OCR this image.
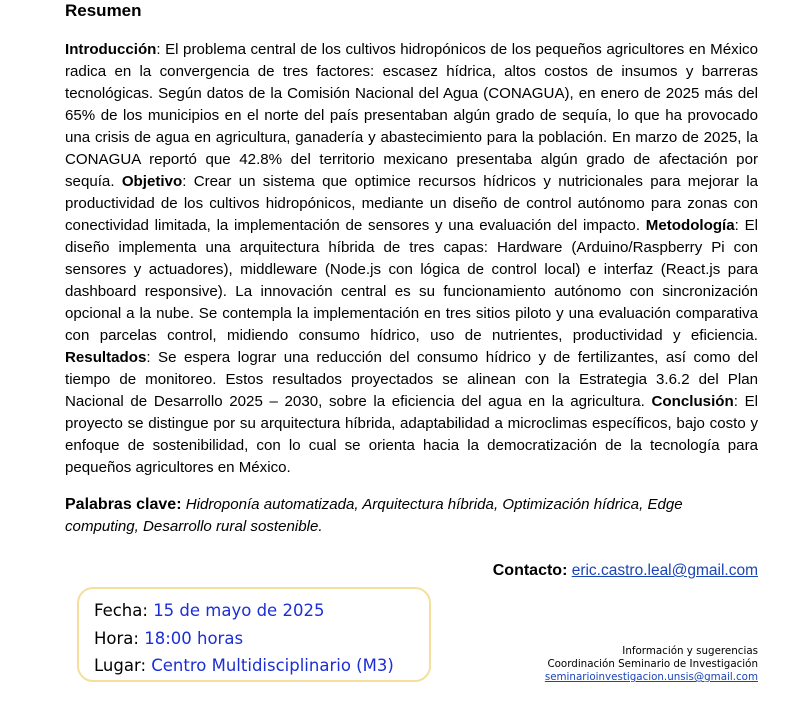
Resumen

Introducción: El problema central de los cultivos hidropónicos de los pequeños agricultores en México radica en la convergencia de tres factores: escasez hídrica, altos costos de insumos y barreras tecnológicas. Según datos de la Comisión Nacional del Agua (CONAGUA), en enero de 2025 más del 65% de los municipios en el norte del país presentaban algún grado de sequía, lo que ha provocado una crisis de agua en agricultura, ganadería y abastecimiento para la población. En marzo de 2025, la CONAGUA reportó que 42.8% del territorio mexicano presentaba algún grado de afectación por sequía. Objetivo: Crear un sistema que optimice recursos hídricos y nutricionales para mejorar la productividad de los cultivos hidropónicos, mediante un diseño de control autónomo para zonas con conectividad limitada, la implementación de sensores y una evaluación del impacto. Metodología: El diseño implementa una arquitectura híbrida de tres capas: Hardware (Arduino/Raspberry Pi con sensores y actuadores), middleware (Node.js con lógica de control local) e interfaz (React.js para dashboard responsive). La innovación central es su funcionamiento autónomo con sincronización opcional a la nube. Se contempla la implementación en tres sitios piloto y una evaluación comparativa con parcelas control, midiendo consumo hídrico, uso de nutrientes, productividad y eficiencia. Resultados: Se espera lograr una reducción del consumo hídrico y de fertilizantes, así como del tiempo de monitoreo. Estos resultados proyectados se alinean con la Estrategia 3.6.2 del Plan Nacional de Desarrollo 2025 – 2030, sobre la eficiencia del agua en la agricultura. Conclusión: El proyecto se distingue por su arquitectura híbrida, adaptabilidad a microclimas específicos, bajo costo y enfoque de sostenibilidad, con lo cual se orienta hacia la democratización de la tecnología para pequeños agricultores en México.

Palabras clave: Hidroponía automatizada, Arquitectura híbrida, Optimización hídrica, Edge computing, Desarrollo rural sostenible.

Contacto: eric.castro.leal@gmail.com
Fecha: 15 de mayo de 2025
Hora: 18:00 horas
Lugar: Centro Multidisciplinario (M3)
Información y sugerencias
Coordinación Seminario de Investigación
seminarioinvestigacion.unsis@gmail.com
